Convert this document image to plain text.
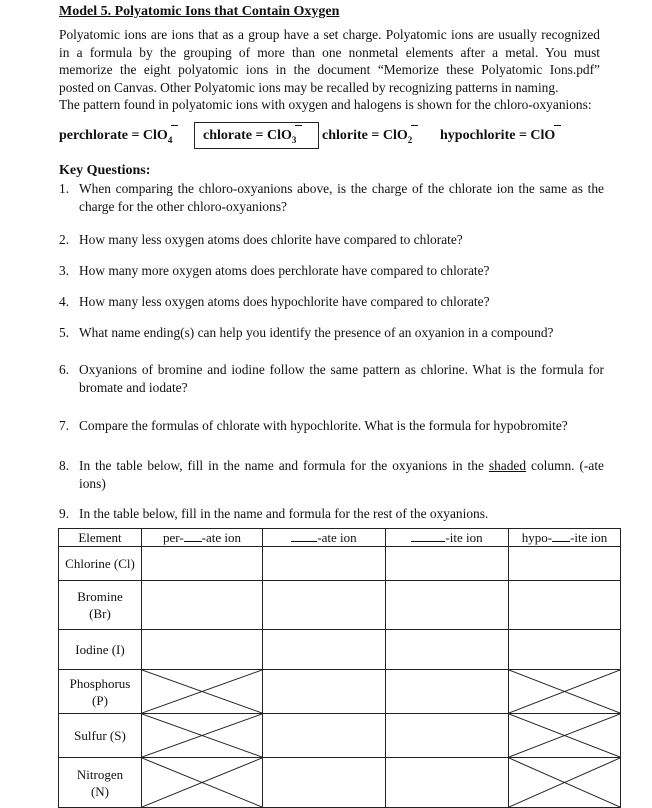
Model 5. Polyatomic Ions that Contain Oxygen
Polyatomic ions are ions that as a group have a set charge. Polyatomic ions are usually recognized
in a formula by the grouping of more than one nonmetal elements after a metal. You must
memorize the eight polyatomic ions in the document “Memorize these Polyatomic Ions.pdf”
posted on Canvas. Other Polyatomic ions may be recalled by recognizing patterns in naming.
The pattern found in polyatomic ions with oxygen and halogens is shown for the chloro-oxyanions:
perchlorate = ClO$_4$	chlorate = ClO$_3$	chlorite = ClO$_2$	hypochlorite = ClO
Key Questions:
1. When comparing the chloro-oxyanions above, is the charge of the chlorate ion the same as the
charge for the other chloro-oxyanions?
2. How many less oxygen atoms does chlorite have compared to chlorate?
3. How many more oxygen atoms does perchlorate have compared to chlorate?
4. How many less oxygen atoms does hypochlorite have compared to chlorate?
5. What name ending(s) can help you identify the presence of an oxyanion in a compound?
6. Oxyanions of bromine and iodine follow the same pattern as chlorine. What is the formula for
bromate and iodate?
7. Compare the formulas of chlorate with hypochlorite. What is the formula for hypobromite?
8. In the table below, fill in the name and formula for the oxyanions in the shaded column. (-ate
ions)
9. In the table below, fill in the name and formula for the rest of the oxyanions.
Element	per- -ate ion	-ate ion	-ite ion	hypo- -ite ion

Chlorine (Cl)				

Bromine
(Br)				

Iodine (I)				

Phosphorus
(P)

Sulfur (S)

Nitrogen
(N)
